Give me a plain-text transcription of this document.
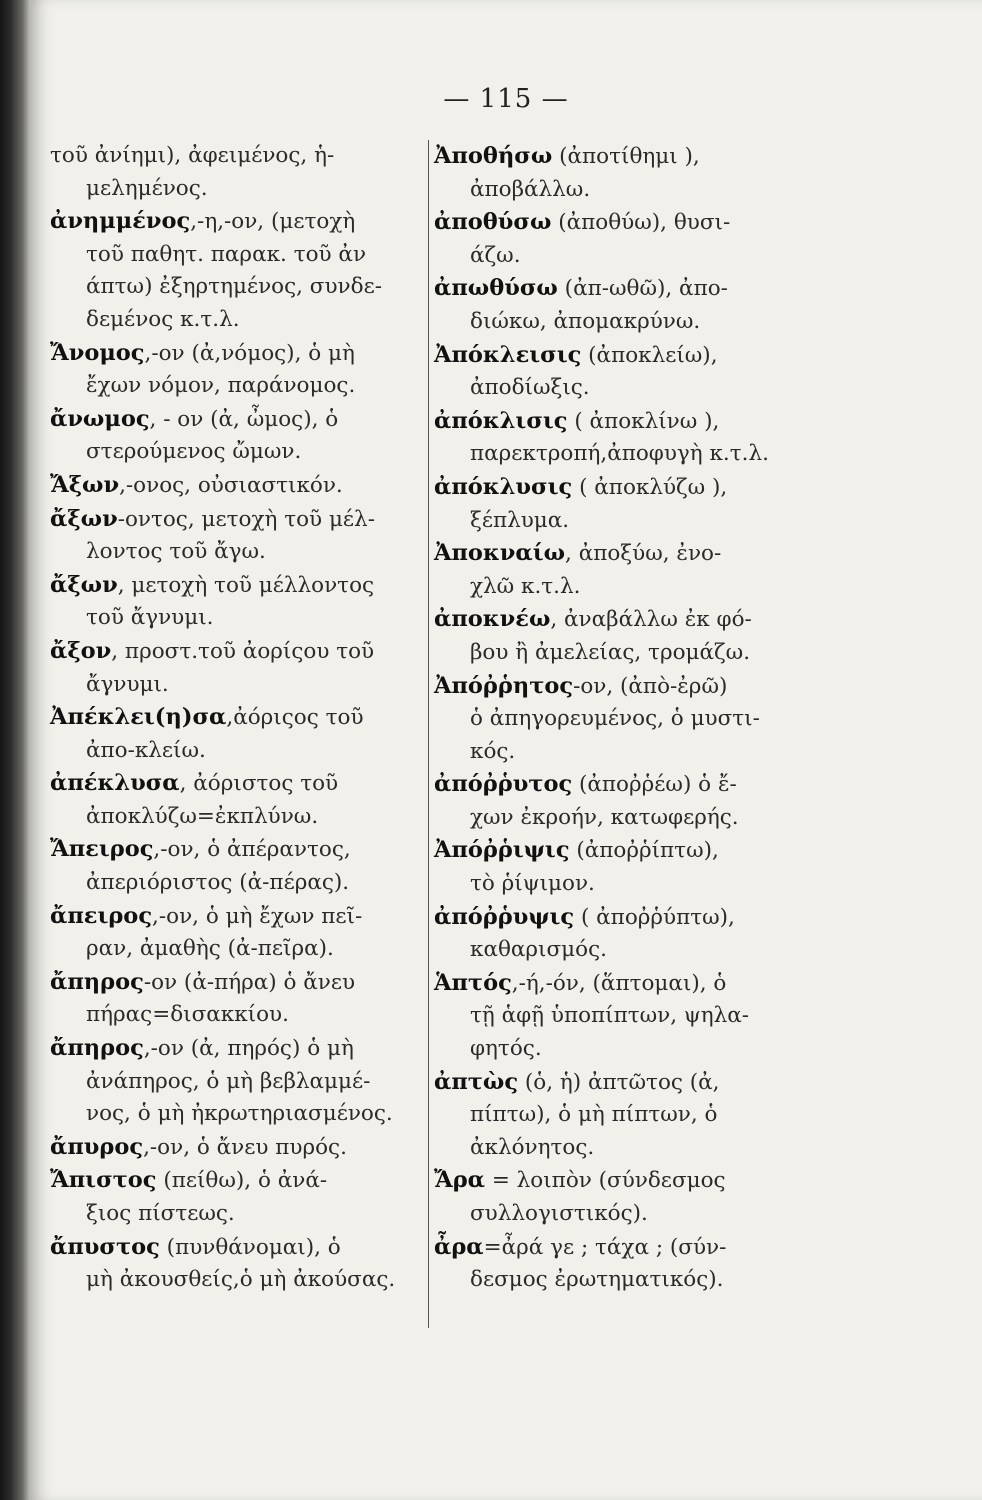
— 115 —
τοῦ ἀνίημι), ἀφειμένος, ἡ-
μελημένος.
ἀνημμένος,-η,-ον, (μετοχὴ
τοῦ παθητ. παρακ. τοῦ ἀν
άπτω) ἐξηρτημένος, συνδε-
δεμένος κ.τ.λ.
Ἄνομος,-ον (ἀ,νόμος), ὁ μὴ
ἔχων νόμον, παράνομος.
ἄνωμος, - ον (ἀ, ὦμος), ὁ
στερούμενος ὤμων.
Ἄξων,-ονος, οὐσιαστικόν.
ἄξων-οντος, μετοχὴ τοῦ μέλ-
λοντος τοῦ ἄγω.
ἄξων, μετοχὴ τοῦ μέλλοντος
τοῦ ἄγνυμι.
ἄξον, προστ.τοῦ ἀορίςου τοῦ
ἄγνυμι.
Ἀπέκλει(η)σα,ἀόριςος τοῦ
ἀπο-κλείω.
ἀπέκλυσα, ἀόριστος τοῦ
ἀποκλύζω=ἐκπλύνω.
Ἄπειρος,-ον, ὁ ἀπέραντος,
ἀπεριόριστος (ἀ-πέρας).
ἄπειρος,-ον, ὁ μὴ ἔχων πεῖ-
ραν, ἀμαθὴς (ἀ-πεῖρα).
ἄπηρος-ον (ἀ-πήρα) ὁ ἄνευ
πήρας=δισακκίου.
ἄπηρος,-ον (ἀ, πηρός) ὁ μὴ
ἀνάπηρος, ὁ μὴ βεβλαμμέ-
νος, ὁ μὴ ἠκρωτηριασμένος.
ἄπυρος,-ον, ὁ ἄνευ πυρός.
Ἄπιστος (πείθω), ὁ ἀνά-
ξιος πίστεως.
ἄπυστος (πυνθάνομαι), ὁ
μὴ ἀκουσθείς,ὁ μὴ ἀκούσας.
Ἀποθήσω (ἀποτίθημι ),
ἀποβάλλω.
ἀποθύσω (ἀποθύω), θυσι-
άζω.
ἀπωθύσω (ἀπ-ωθῶ), ἀπο-
διώκω, ἀπομακρύνω.
Ἀπόκλεισις (ἀποκλείω),
ἀποδίωξις.
ἀπόκλισις ( ἀποκλίνω ),
παρεκτροπή,ἀποφυγὴ κ.τ.λ.
ἀπόκλυσις ( ἀποκλύζω ),
ξέπλυμα.
Ἀποκναίω, ἀποξύω, ἐνο-
χλῶ κ.τ.λ.
ἀποκνέω, ἀναβάλλω ἐκ φό-
βου ἢ ἀμελείας, τρομάζω.
Ἀπόῤῥητος-ον, (ἀπὸ-ἐρῶ)
ὁ ἀπηγορευμένος, ὁ μυστι-
κός.
ἀπόῤῥυτος (ἀποῤῥέω) ὁ ἔ-
χων ἐκροήν, κατωφερής.
Ἀπόῤῥιψις (ἀποῤῥίπτω),
τὸ ῥίψιμον.
ἀπόῤῥυψις ( ἀποῤῥύπτω),
καθαρισμός.
Ἁπτός,-ή,-όν, (ἅπτομαι), ὁ
τῇ ἁφῇ ὑποπίπτων, ψηλα-
φητός.
ἀπτὼς (ὁ, ἡ) ἀπτῶτος (ἀ,
πίπτω), ὁ μὴ πίπτων, ὁ
ἀκλόνητος.
Ἄρα = λοιπὸν (σύνδεσμος
συλλογιστικός).
ἆρα=ἆρά γε ; τάχα ; (σύν-
δεσμος ἐρωτηματικός).
